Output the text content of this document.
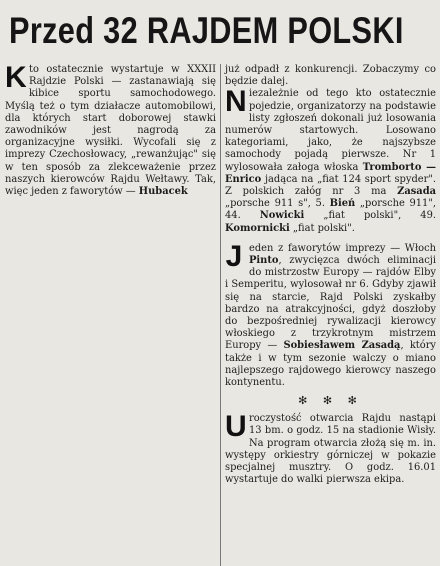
Przed 32 RAJDEM POLSKI

Kto ostatecznie wystartuje w XXXII Rajdzie Polski — zastanawiają się kibice sportu samochodowego. Myślą też o tym działacze automobilowi, dla których start doborowej stawki zawodników jest nagrodą za organizacyjne wysiłki. Wycofali się z imprezy Czechosłowacy, „rewanżując" się w ten sposób za zlekceważenie przez naszych kierowców Rajdu Wełtawy. Tak, więc jeden z faworytów — Hubacek

już odpadł z konkurencji. Zobaczymy co będzie dalej.

Niezależnie od tego kto ostatecznie pojedzie, organizatorzy na podstawie listy zgłoszeń dokonali już losowania numerów startowych. Losowano kategoriami, jako, że najszybsze samochody pojadą pierwsze. Nr 1 wylosowała załoga włoska Tromborto — Enrico jadąca na „fiat 124 sport spyder". Z polskich załóg nr 3 ma Zasada „porsche 911 s", 5. Bień „porsche 911", 44. Nowicki „fiat polski", 49. Komornicki „fiat polski".

Jeden z faworytów imprezy — Włoch Pinto, zwycięzca dwóch eliminacji do mistrzostw Europy — rajdów Elby i Semperitu, wylosował nr 6. Gdyby zjawił się na starcie, Rajd Polski zyskałby bardzo na atrakcyjności, gdyż doszłoby do bezpośredniej rywalizacji kierowcy włoskiego z trzykrotnym mistrzem Europy — Sobiesławem Zasadą, który także i w tym sezonie walczy o miano najlepszego rajdowego kierowcy naszego kontynentu.

✻ ✻ ✻

Uroczystość otwarcia Rajdu nastąpi 13 bm. o godz. 15 na stadionie Wisły. Na program otwarcia złożą się m. in. występy orkiestry górniczej w pokazie specjalnej musztry. O godz. 16.01 wystartuje do walki pierwsza ekipa.
